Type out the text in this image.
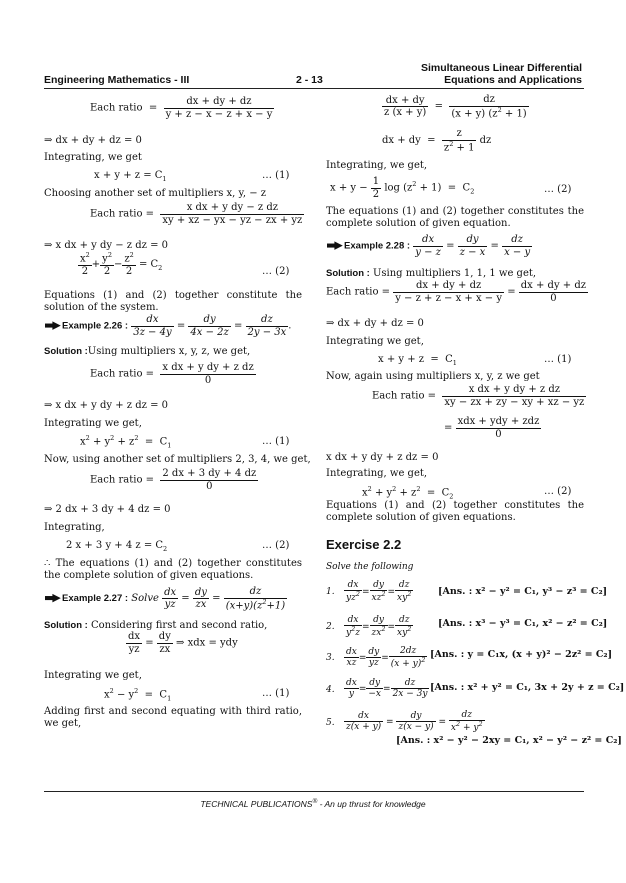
Simultaneous Linear Differential
Engineering Mathematics - III	2 - 13	Equations and Applications
Each ratio  = $\frac{dx + dy + dz}{y + z - x - z + x - y}$
⇒ dx + dy + dz = 0
Integrating, we get
$x + y + z = C_1$	… (1)
Choosing another set of multipliers x, y, − z
Each ratio = $\frac{\text{x dx + y dy − z dz}}{xy + xz - yx - yz - zx + yz}$
⇒ x dx + y dy − z dz = 0
$\frac{x^2}{2} + \frac{y^2}{2} - \frac{z^2}{2} = C_2$	… (2)
Equations (1) and (2) together constitute the solution of the system.
▬▶ Example 2.26 : $\frac{dx}{3z - 4y} = \frac{dy}{4x - 2z} = \frac{dz}{2y - 3x}$ .
Solution :Using multipliers x, y, z, we get,
Each ratio = $\frac{\text{x dx + y dy + z dz}}{0}$
⇒ x dx + y dy + z dz = 0
Integrating we get,
$x^2 + y^2 + z^2 = C_1$	… (1)
Now, using another set of multipliers 2, 3, 4, we get,
Each ratio = $\frac{2 dx + 3 dy + 4 dz}{0}$
⇒ 2 dx + 3 dy + 4 dz = 0
Integrating,
2 x + 3 y + 4 $z = C_2$	… (2)
∴ The equations (1) and (2) together constitutes the complete solution of given equations.
▬▶ Example 2.27 : Solve $\frac{dx}{yz} = \frac{dy}{zx} = \frac{dz}{(x+y)(z^2+1)}$
Solution : Considering first and second ratio,
$\frac{dx}{yz} = \frac{dy}{zx}$ ⇒ xdx = ydy
Integrating we get,
$x^2 - y^2 = C_1$	… (1)
Adding first and second equating with third ratio, we get,
$\frac{dx + dy}{z (x + y)} = \frac{dz}{(x + y) (z^2 + 1)}$
dx + dy  = $\frac{z}{z^2 + 1}$ dz
Integrating, we get,
$x + y - \frac{1}{2}$ $\log (z^2 + 1) = C_2$	… (2)
The equations (1) and (2) together constitutes the complete solution of given equation.
▬▶ Example 2.28 : $\frac{dx}{y - z} = \frac{dy}{z - x} = \frac{dz}{x - y}$
Solution : Using multipliers 1, 1, 1 we get,
Each ratio = $\frac{dx + dy + dz}{y - z + z - x + x - y} = \frac{dx + dy + dz}{0}$
⇒ dx + dy + dz = 0
Integrating we get,
$x + y + z = C_1$	… (1)
Now, again using multipliers x, y, z we get
Each ratio = $\frac{\text{x dx + y dy + z dz}}{xy - zx + zy - xy + xz - yz}$
= $\frac{\text{xdx + ydy + zdz}}{0}$
x dx + y dy + z dz = 0
Integrating, we get,
$x^2 + y^2 + z^2 = C_2$	… (2)
Equations (1) and (2) together constitutes the complete solution of given equations.
Exercise 2.2
Solve the following
1. $\frac{dx}{yz^2} = \frac{dy}{xz^2} = \frac{dz}{xy^2}$	[Ans. : x² − y² = C₁, y³ − z³ = C₂]
2. $\frac{dx}{y^2z} = \frac{dy}{zx^2} = \frac{dz}{xy^2}$	[Ans. : x³ − y³ = C₁, x² − z² = C₂]
3. $\frac{dx}{xz} = \frac{dy}{yz} = \frac{2dz}{(x + y)^2} [Ans$. : y = C₁x, (x + y)² − 2z² = C₂]
4. $\frac{dx}{y} = \frac{dy}{-x} = \frac{dz}{2x - 3y} [Ans$. : x² + y² = C₁, 3x + 2y + z = C₂]
5. $\frac{dx}{z(x + y)} = \frac{dy}{z(x - y)} = \frac{dz}{x^2 + y^2}$
[Ans. : x² − y² − 2xy = C₁, x² − y² − z² = C₂]
TECHNICAL PUBLICATIONS® - An up thrust for knowledge
